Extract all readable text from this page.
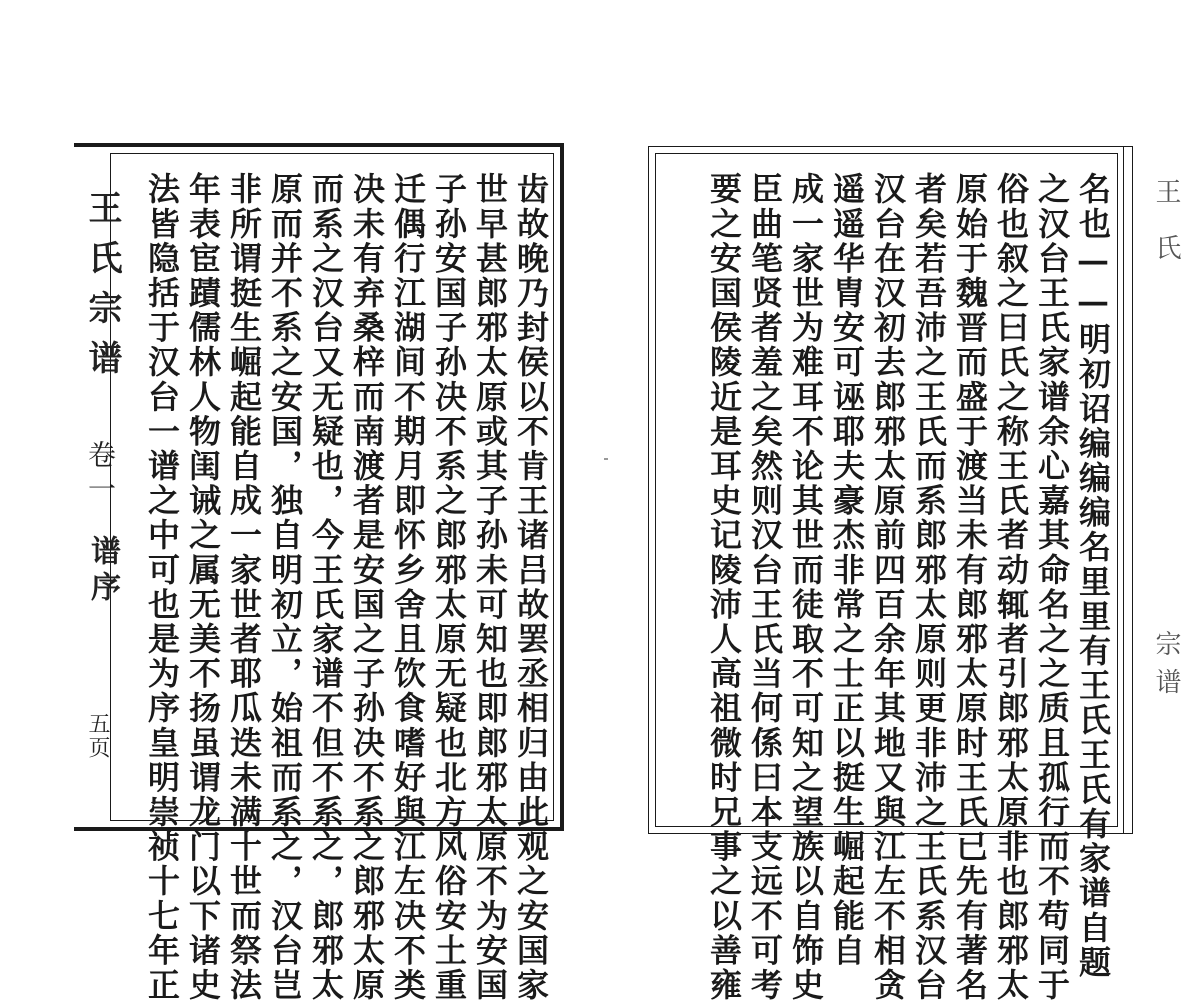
王氏宗谱
卷一
谱序
五页	齿故晚乃封侯以不肯王诸吕故罢丞相归由此观之安国家
世早甚郎邪太原或其子孙未可知也即郎邪太原不为安国
子孙安国子孙决不系之郎邪太原无疑也北方风俗安土重
迁偶行江湖间不期月即怀乡舍且饮食嗜好與江左决不类
决未有弃桑梓而南渡者是安国之子孙决不系之郎邪太原
而系之汉台又无疑也，今王氏家谱不但不系之，郎邪太
原而并不系之安国，独自明初立，始祖而系之，汉台岂
非所谓挺生崛起能自成一家世者耶瓜迭未满十世而祭法
年表宦蹟儒林人物闺诫之属无美不扬虽谓龙门以下诸史
法皆隐括于汉台一谱之中可也是为序皇明崇祯十七年正	名也——明初诏编编编名里里有王氏王氏有家谱自题
之汉台王氏家谱余心嘉其命名之之质且孤行而不苟同于
俗也叙之曰氏之称王氏者动辄者引郎邪太原非也郎邪太
原始于魏晋而盛于渡当未有郎邪太原时王氏已先有著名
者矣若吾沛之王氏而系郎邪太原则更非沛之王氏系汉台
汉台在汉初去郎邪太原前四百余年其地又與江左不相贪
遥遥华胄安可诬耶夫豪杰非常之士正以挺生崛起能自
成一家世为难耳不论其世而徒取不可知之望族以自饰史
臣曲笔贤者羞之矣然则汉台王氏当何係曰本支远不可考
要之安国侯陵近是耳史记陵沛人高祖微时兄事之以善雍	王氏
宗谱
